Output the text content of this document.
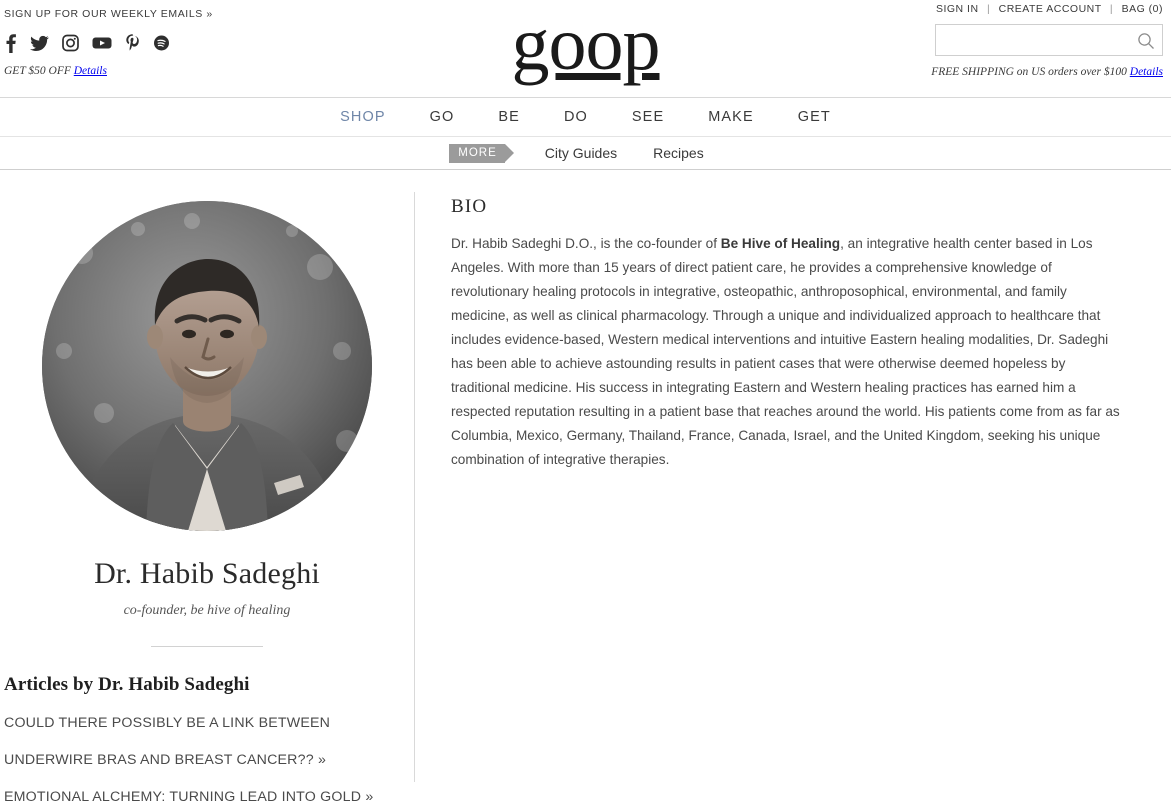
SIGN UP FOR OUR WEEKLY EMAILS »
GET $50 OFF Details	goop	SIGN IN | CREATE ACCOUNT | BAG (0)
FREE SHIPPING on US orders over $100 Details
SHOP	GO	BE	DO	SEE	MAKE	GET
MORE	City Guides	Recipes
Dr. Habib Sadeghi
co-founder, be hive of healing
Articles by Dr. Habib Sadeghi
COULD THERE POSSIBLY BE A LINK BETWEEN
UNDERWIRE BRAS AND BREAST CANCER?? »
EMOTIONAL ALCHEMY: TURNING LEAD INTO GOLD »
BIO
Dr. Habib Sadeghi D.O., is the co-founder of Be Hive of Healing, an integrative health center based in Los Angeles. With more than 15 years of direct patient care, he provides a comprehensive knowledge of revolutionary healing protocols in integrative, osteopathic, anthroposophical, environmental, and family medicine, as well as clinical pharmacology. Through a unique and individualized approach to healthcare that includes evidence-based, Western medical interventions and intuitive Eastern healing modalities, Dr. Sadeghi has been able to achieve astounding results in patient cases that were otherwise deemed hopeless by traditional medicine. His success in integrating Eastern and Western healing practices has earned him a respected reputation resulting in a patient base that reaches around the world. His patients come from as far as Columbia, Mexico, Germany, Thailand, France, Canada, Israel, and the United Kingdom, seeking his unique combination of integrative therapies.
